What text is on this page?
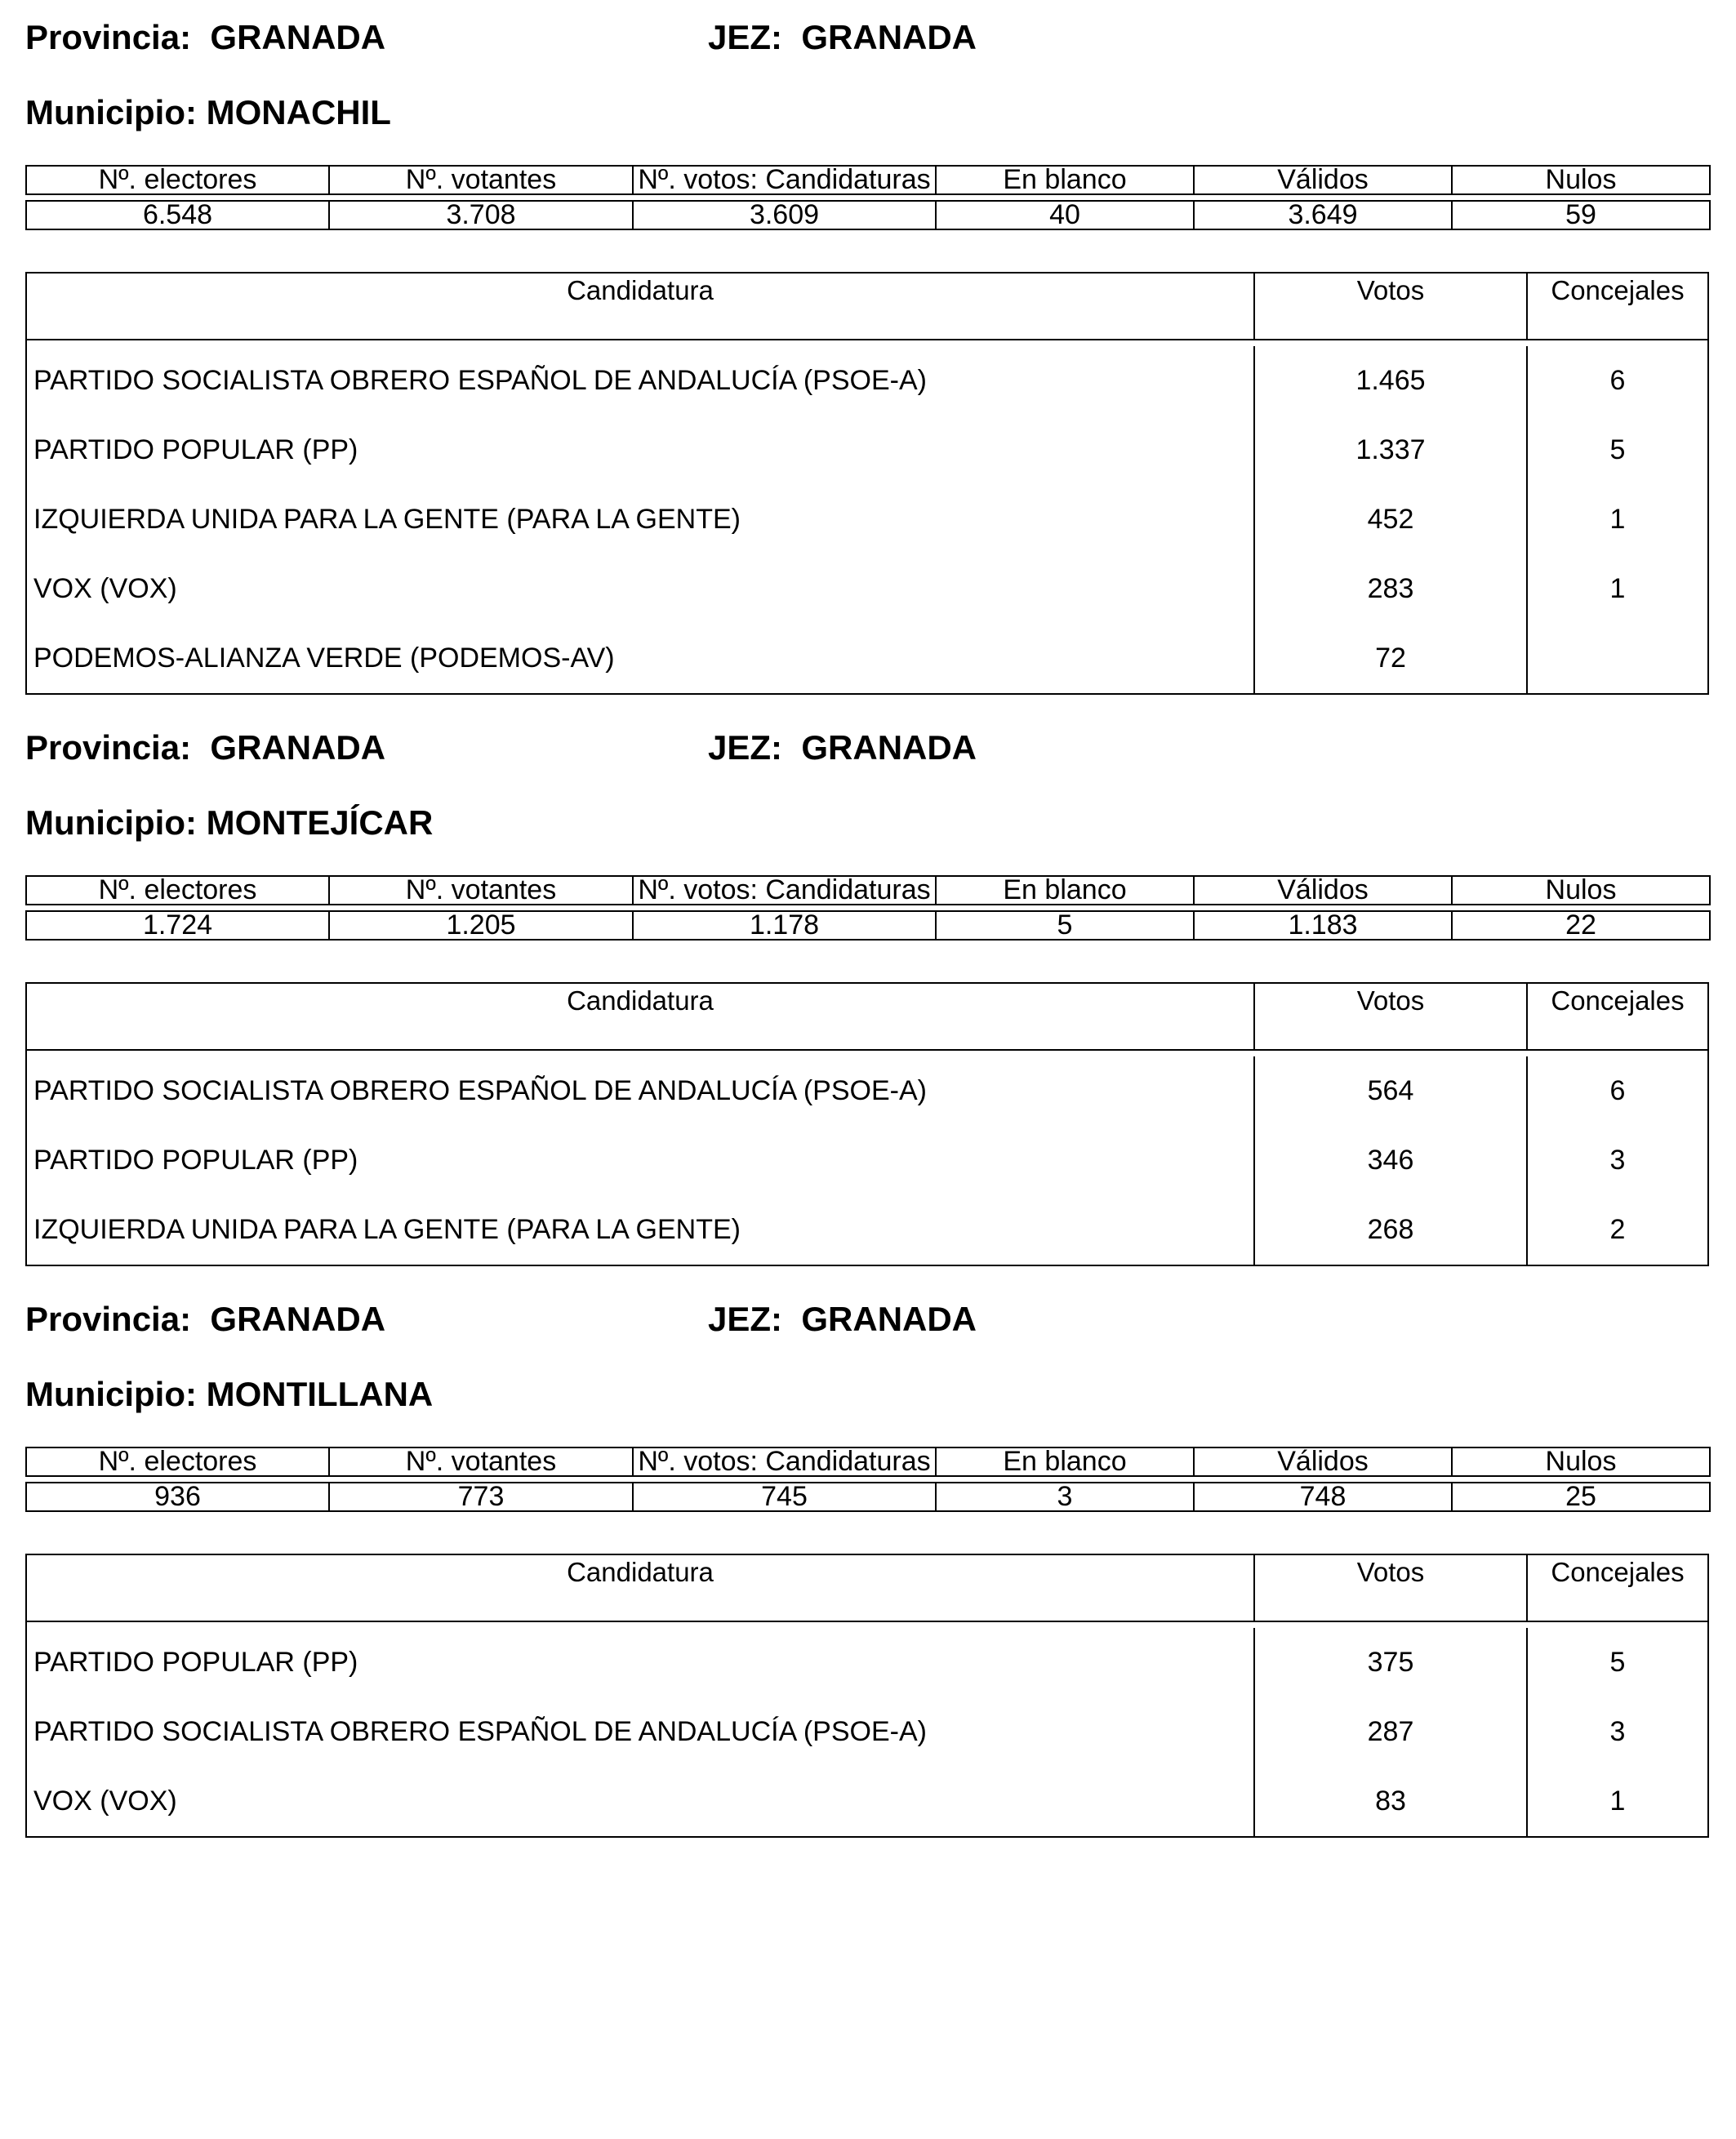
Provincia: GRANADA	JEZ: GRANADA
Municipio: MONACHIL
Nº. electores	Nº. votantes	Nº. votos: Candidaturas	En blanco	Válidos	Nulos

6.548	3.708	3.609	40	3.649	59
Candidatura	Votos	Concejales
PARTIDO SOCIALISTA OBRERO ESPAÑOL DE ANDALUCÍA (PSOE-A)	1.465	6
PARTIDO POPULAR (PP)	1.337	5
IZQUIERDA UNIDA PARA LA GENTE (PARA LA GENTE)	452	1
VOX (VOX)	283	1
PODEMOS-ALIANZA VERDE (PODEMOS-AV)	72
Provincia: GRANADA	JEZ: GRANADA
Municipio: MONTEJÍCAR
Nº. electores	Nº. votantes	Nº. votos: Candidaturas	En blanco	Válidos	Nulos

1.724	1.205	1.178	5	1.183	22
Candidatura	Votos	Concejales
PARTIDO SOCIALISTA OBRERO ESPAÑOL DE ANDALUCÍA (PSOE-A)	564	6
PARTIDO POPULAR (PP)	346	3
IZQUIERDA UNIDA PARA LA GENTE (PARA LA GENTE)	268	2
Provincia: GRANADA	JEZ: GRANADA
Municipio: MONTILLANA
Nº. electores	Nº. votantes	Nº. votos: Candidaturas	En blanco	Válidos	Nulos

936	773	745	3	748	25
Candidatura	Votos	Concejales
PARTIDO POPULAR (PP)	375	5
PARTIDO SOCIALISTA OBRERO ESPAÑOL DE ANDALUCÍA (PSOE-A)	287	3
VOX (VOX)	83	1
